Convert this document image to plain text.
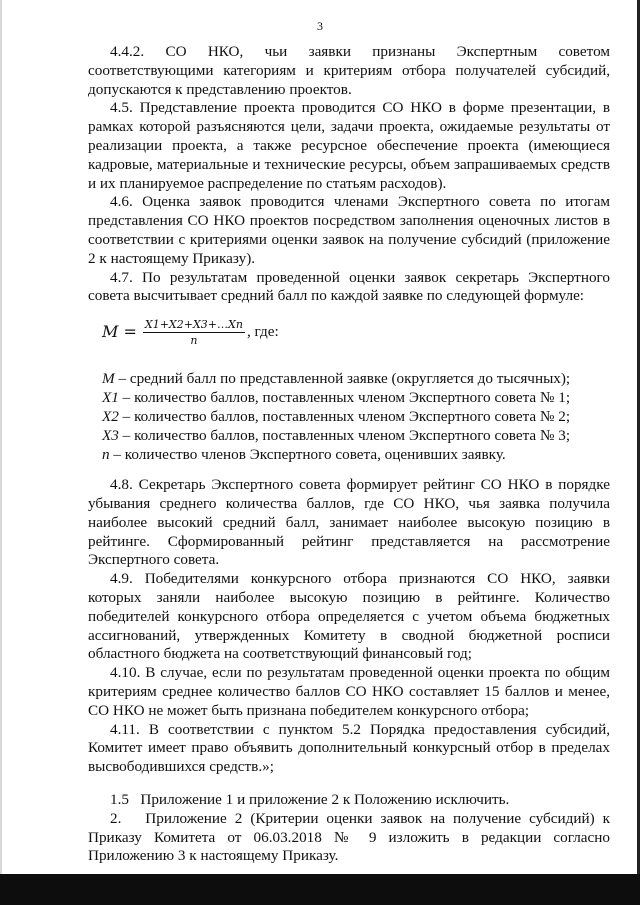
3

4.4.2. СО НКО, чьи заявки признаны Экспертным советом соответствующими категориям и критериям отбора получателей субсидий, допускаются к представлению проектов.

4.5. Представление проекта проводится СО НКО в форме презентации, в рамках которой разъясняются цели, задачи проекта, ожидаемые результаты от реализации проекта, а также ресурсное обеспечение проекта (имеющиеся кадровые, материальные и технические ресурсы, объем запрашиваемых средств и их планируемое распределение по статьям расходов).

4.6. Оценка заявок проводится членами Экспертного совета по итогам представления СО НКО проектов посредством заполнения оценочных листов в соответствии с критериями оценки заявок на получение субсидий (приложение 2 к настоящему Приказу).

4.7. По результатам проведенной оценки заявок секретарь Экспертного совета высчитывает средний балл по каждой заявке по следующей формуле:

$M = \frac{X1+X2+X3+\dots Xn}{n}$ , где:

M – средний балл по представленной заявке (округляется до тысячных);

X1 – количество баллов, поставленных членом Экспертного совета № 1;

X2 – количество баллов, поставленных членом Экспертного совета № 2;

X3 – количество баллов, поставленных членом Экспертного совета № 3;

n – количество членов Экспертного совета, оценивших заявку.

4.8. Секретарь Экспертного совета формирует рейтинг СО НКО в порядке убывания среднего количества баллов, где СО НКО, чья заявка получила наиболее высокий средний балл, занимает наиболее высокую позицию в рейтинге. Сформированный рейтинг представляется на рассмотрение Экспертного совета.

4.9. Победителями конкурсного отбора признаются СО НКО, заявки которых заняли наиболее высокую позицию в рейтинге. Количество победителей конкурсного отбора определяется с учетом объема бюджетных ассигнований, утвержденных Комитету в сводной бюджетной росписи областного бюджета на соответствующий финансовый год;

4.10. В случае, если по результатам проведенной оценки проекта по общим критериям среднее количество баллов СО НКО составляет 15 баллов и менее, СО НКО не может быть признана победителем конкурсного отбора;

4.11. В соответствии с пунктом 5.2 Порядка предоставления субсидий, Комитет имеет право объявить дополнительный конкурсный отбор в пределах высвободившихся средств.»;

1.5   Приложение 1 и приложение 2 к Положению исключить.

2.   Приложение 2 (Критерии оценки заявок на получение субсидий) к Приказу Комитета от 06.03.2018 № 9 изложить в редакции согласно Приложению 3 к настоящему Приказу.
